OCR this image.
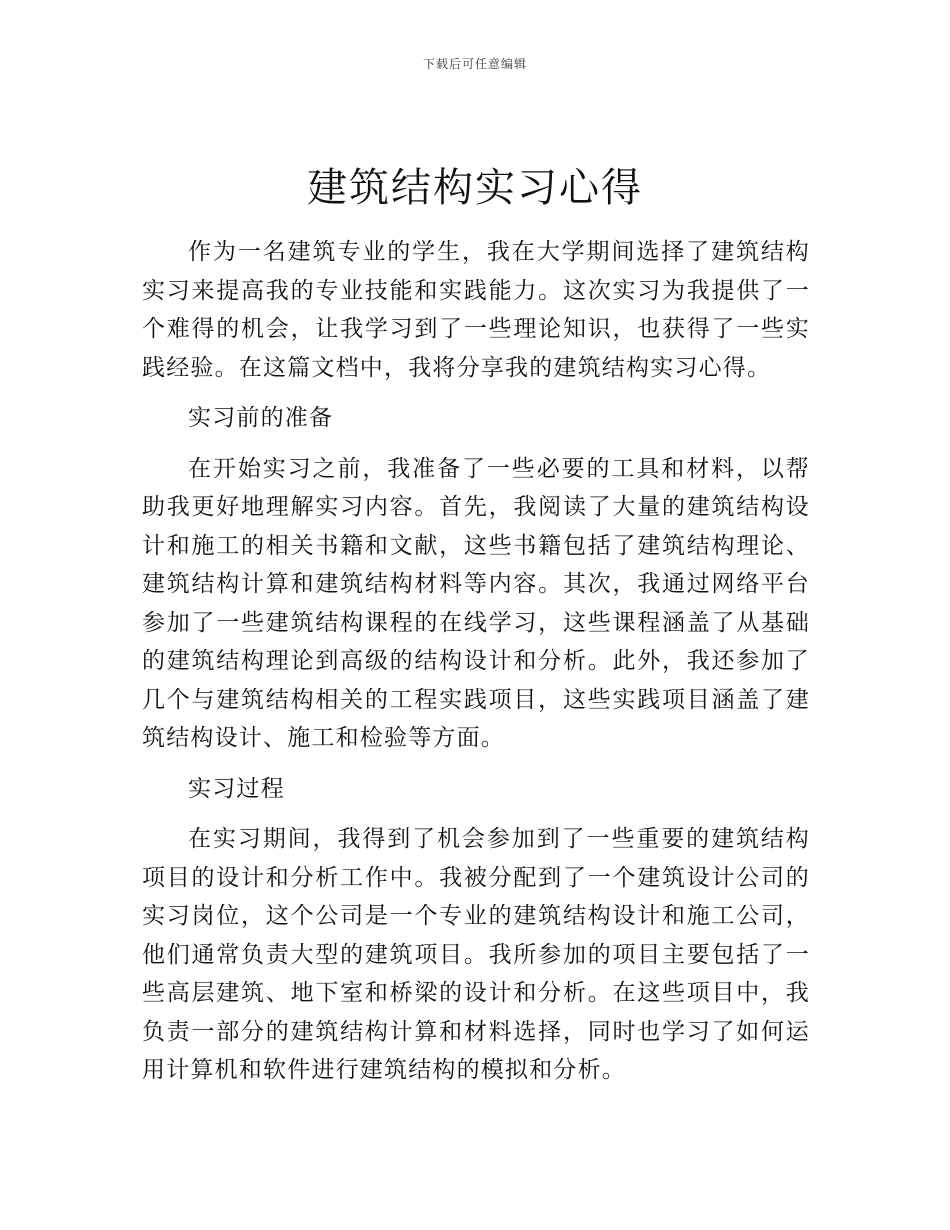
下载后可任意编辑
建筑结构实习心得

作为一名建筑专业的学生，我在大学期间选择了建筑结构实习来提高我的专业技能和实践能力。这次实习为我提供了一个难得的机会，让我学习到了一些理论知识，也获得了一些实践经验。在这篇文档中，我将分享我的建筑结构实习心得。

实习前的准备

在开始实习之前，我准备了一些必要的工具和材料，以帮助我更好地理解实习内容。首先，我阅读了大量的建筑结构设计和施工的相关书籍和文献，这些书籍包括了建筑结构理论、建筑结构计算和建筑结构材料等内容。其次，我通过网络平台参加了一些建筑结构课程的在线学习，这些课程涵盖了从基础的建筑结构理论到高级的结构设计和分析。此外，我还参加了几个与建筑结构相关的工程实践项目，这些实践项目涵盖了建筑结构设计、施工和检验等方面。

实习过程

在实习期间，我得到了机会参加到了一些重要的建筑结构项目的设计和分析工作中。我被分配到了一个建筑设计公司的实习岗位，这个公司是一个专业的建筑结构设计和施工公司，他们通常负责大型的建筑项目。我所参加的项目主要包括了一些高层建筑、地下室和桥梁的设计和分析。在这些项目中，我负责一部分的建筑结构计算和材料选择，同时也学习了如何运用计算机和软件进行建筑结构的模拟和分析。
